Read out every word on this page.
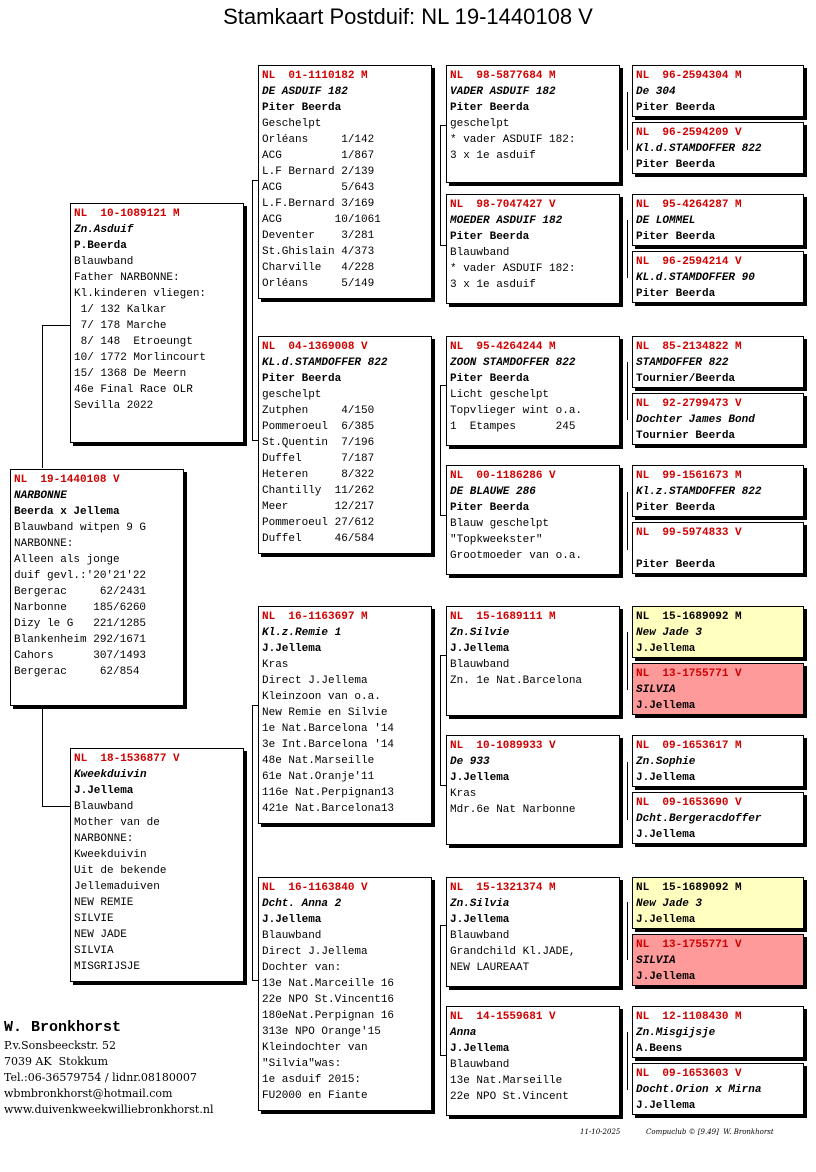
Stamkaart Postduif: NL 19-1440108 V
NL  19-1440108 V
NARBONNE
Beerda x Jellema
Blauwband witpen 9 G
NARBONNE:
Alleen als jonge
duif gevl.:'20'21'22
Bergerac     62/2431
Narbonne    185/6260
Dizy le G   221/1285
Blankenheim 292/1671
Cahors      307/1493
Bergerac     62/854
NL  10-1089121 M
Zn.Asduif
P.Beerda
Blauwband
Father NARBONNE:
Kl.kinderen vliegen:
1/ 132 Kalkar
7/ 178 Marche
8/ 148  Etroeungt
10/ 1772 Morlincourt
15/ 1368 De Meern
46e Final Race OLR
Sevilla 2022
NL  18-1536877 V
Kweekduivin
J.Jellema
Blauwband
Mother van de
NARBONNE:
Kweekduivin
Uit de bekende
Jellemaduiven
NEW REMIE
SILVIE
NEW JADE
SILVIA
MISGRIJSJE
NL  01-1110182 M
DE ASDUIF 182
Piter Beerda
Geschelpt
Orléans     1/142
ACG         1/867
L.F Bernard 2/139
ACG         5/643
L.F.Bernard 3/169
ACG        10/1061
Deventer    3/281
St.Ghislain 4/373
Charville   4/228
Orléans     5/149
NL  04-1369008 V
KL.d.STAMDOFFER 822
Piter Beerda
geschelpt
Zutphen     4/150
Pommeroeul  6/385
St.Quentin  7/196
Duffel      7/187
Heteren     8/322
Chantilly  11/262
Meer       12/217
Pommeroeul 27/612
Duffel     46/584
NL  16-1163697 M
Kl.z.Remie 1
J.Jellema
Kras
Direct J.Jellema
Kleinzoon van o.a.
New Remie en Silvie
1e Nat.Barcelona '14
3e Int.Barcelona '14
48e Nat.Marseille
61e Nat.Oranje'11
116e Nat.Perpignan13
421e Nat.Barcelona13
NL  16-1163840 V
Dcht. Anna 2
J.Jellema
Blauwband
Direct J.Jellema
Dochter van:
13e Nat.Marceille 16
22e NPO St.Vincent16
180eNat.Perpignan 16
313e NPO Orange'15
Kleindochter van
"Silvia"was:
1e asduif 2015:
FU2000 en Fiante
NL  98-5877684 M
VADER ASDUIF 182
Piter Beerda
geschelpt
* vader ASDUIF 182:
3 x 1e asduif
NL  98-7047427 V
MOEDER ASDUIF 182
Piter Beerda
Blauwband
* vader ASDUIF 182:
3 x 1e asduif
NL  95-4264244 M
ZOON STAMDOFFER 822
Piter Beerda
Licht geschelpt
Topvlieger wint o.a.
1  Etampes      245
NL  00-1186286 V
DE BLAUWE 286
Piter Beerda
Blauw geschelpt
"Topkweekster"
Grootmoeder van o.a.
NL  15-1689111 M
Zn.Silvie
J.Jellema
Blauwband
Zn. 1e Nat.Barcelona
NL  10-1089933 V
De 933
J.Jellema
Kras
Mdr.6e Nat Narbonne
NL  15-1321374 M
Zn.Silvia
J.Jellema
Blauwband
Grandchild Kl.JADE,
NEW LAUREAAT
NL  14-1559681 V
Anna
J.Jellema
Blauwband
13e Nat.Marseille
22e NPO St.Vincent
NL  96-2594304 M
De 304
Piter Beerda
NL  96-2594209 V
Kl.d.STAMDOFFER 822
Piter Beerda
NL  95-4264287 M
DE LOMMEL
Piter Beerda
NL  96-2594214 V
KL.d.STAMDOFFER 90
Piter Beerda
NL  85-2134822 M
STAMDOFFER 822
Tournier/Beerda
NL  92-2799473 V
Dochter James Bond
Tournier Beerda
NL  99-1561673 M
Kl.z.STAMDOFFER 822
Piter Beerda
NL  99-5974833 V
Piter Beerda
NL  15-1689092 M
New Jade 3
J.Jellema
NL  13-1755771 V
SILVIA
J.Jellema
NL  09-1653617 M
Zn.Sophie
J.Jellema
NL  09-1653690 V
Dcht.Bergeracdoffer
J.Jellema
NL  15-1689092 M
New Jade 3
J.Jellema
NL  13-1755771 V
SILVIA
J.Jellema
NL  12-1108430 M
Zn.Misgijsje
A.Beens
NL  09-1653603 V
Docht.Orion x Mirna
J.Jellema
W. Bronkhorst
P.v.Sonsbeeckstr. 52
7039 AK  Stokkum
Tel.:06-36579754 / lidnr.08180007
wbmbronkhorst@hotmail.com
www.duivenkweekwilliebronkhorst.nl
11-10-2025	Compuclub © [9.49]  W. Bronkhorst
